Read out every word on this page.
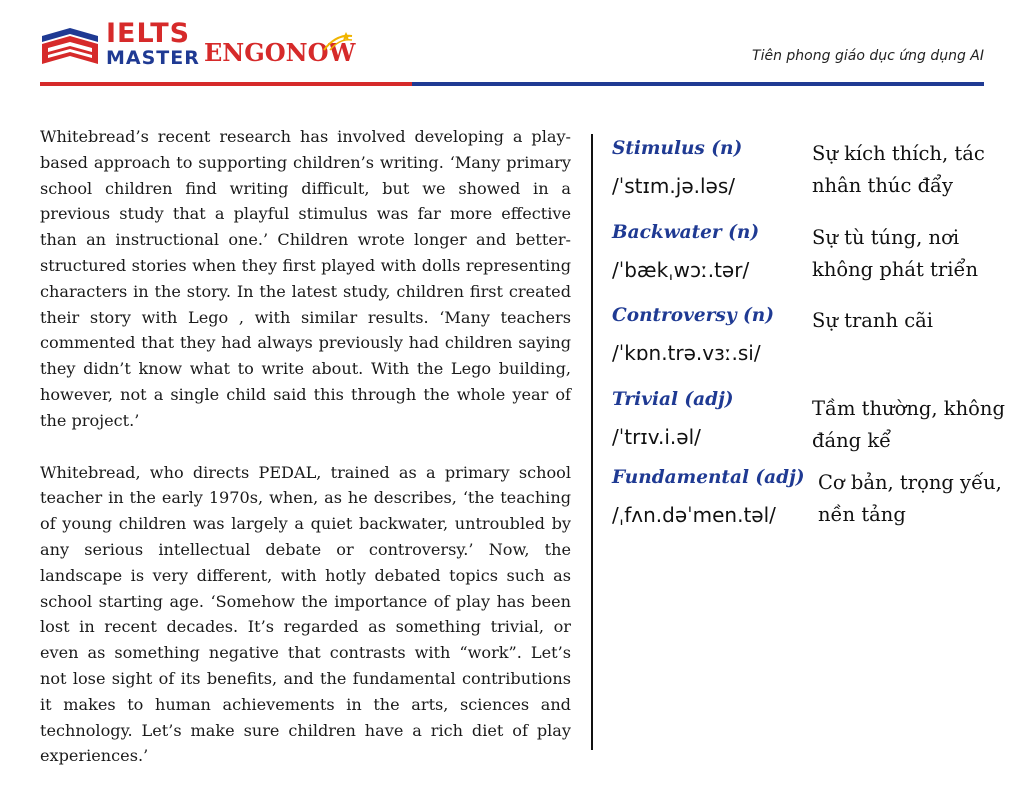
IELTS
MASTER ENGONOW	Tiên phong giáo dục ứng dụng AI

Whitebread’s recent research has involved developing a play-based approach to supporting children’s writing. ‘Many primary school children find writing difficult, but we showed in a previous study that a playful stimulus was far more effective than an instructional one.’ Children wrote longer and better-structured stories when they first played with dolls representing characters in the story. In the latest study, children first created their story with Lego , with similar results. ‘Many teachers commented that they had always previously had children saying they didn’t know what to write about. With the Lego building, however, not a single child said this through the whole year of the project.’

Whitebread, who directs PEDAL, trained as a primary school teacher in the early 1970s, when, as he describes, ‘the teaching of young children was largely a quiet backwater, untroubled by any serious intellectual debate or controversy.’ Now, the landscape is very different, with hotly debated topics such as school starting age. ‘Somehow the importance of play has been lost in recent decades. It’s regarded as something trivial, or even as something negative that contrasts with “work”. Let’s not lose sight of its benefits, and the fundamental contributions it makes to human achievements in the arts, sciences and technology. Let’s make sure children have a rich diet of play experiences.’

Stimulus (n)
/ˈstɪm.jə.ləs/
Sự kích thích, tác nhân thúc đẩy
Backwater (n)
/ˈbækˌwɔː.tər/
Sự tù túng, nơi không phát triển
Controversy (n)
/ˈkɒn.trə.vɜː.si/
Sự tranh cãi
Trivial (adj)
/ˈtrɪv.i.əl/
Tầm thường, không đáng kể
Fundamental (adj)
/ˌfʌn.dəˈmen.təl/
Cơ bản, trọng yếu, nền tảng
